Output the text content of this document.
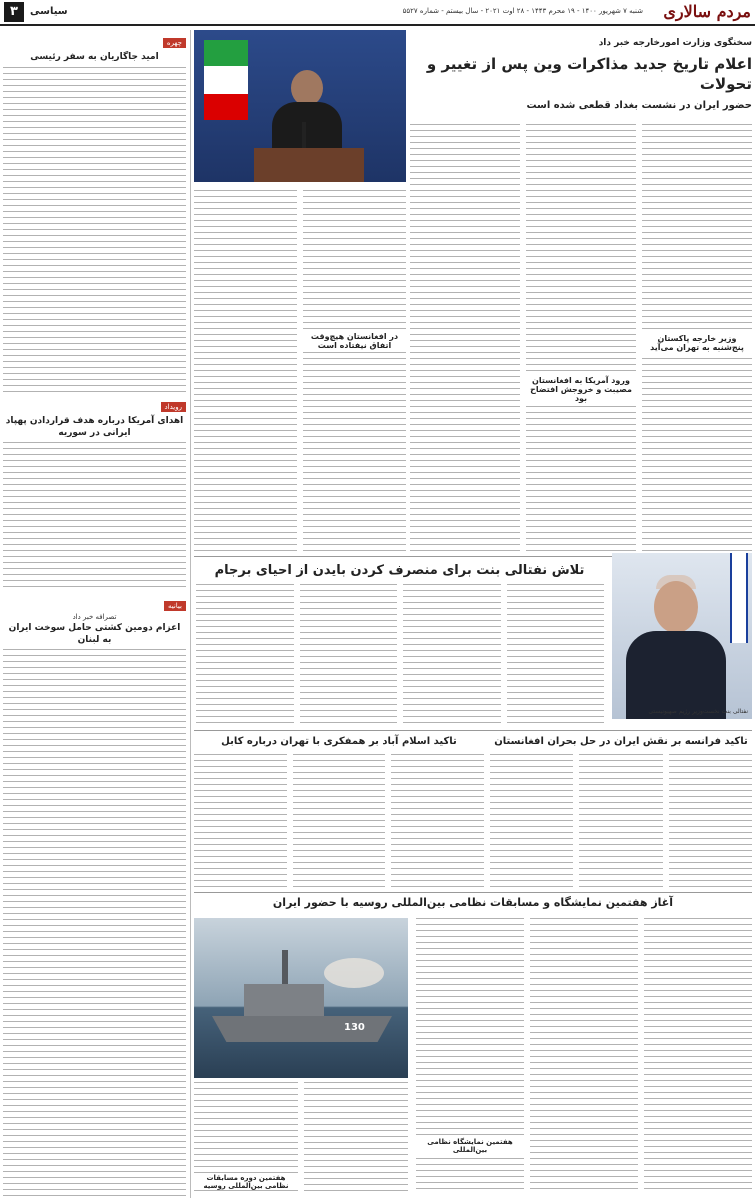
مردم سالاری
شنبه ۷ شهریور ۱۴۰۰ - ۱۹ محرم ۱۴۴۳ - ۲۸ اوت ۲۰۲۱ - سال بیستم - شماره ۵۵۲۷
۳	سیاسی
چهره
امید جاگاریان به سفر رئیسی
رویداد
اهدای آمریکا درباره هدف قراردادن پهپاد ایرانی در سوریه
بیانیه
تصرافه خبر داد
اعزام دومین کشتی حامل سوخت ایران به لبنان
سخنگوی وزارت امورخارجه خبر داد
اعلام تاریخ جدید مذاکرات وین پس از تغییر و تحولات
حضور ایران در نشست بغداد قطعی شده است
وزیر خارجه پاکستان پنج‌شنبه به تهران می‌آید
ورود آمریکا به افغانستان مصیبت و خروجش افتضاح بود
در افغانستان هیچ‌وقت اتفاق نیفتاده است
نفتالی بنت نخست‌وزیر رژیم صهیونیستی
تلاش نفتالی بنت برای منصرف کردن بایدن از احیای برجام
تاکید اسلام آباد بر همفکری با تهران درباره کابل	تاکید فرانسه بر نقش ایران در حل بحران افغانستان
آغاز هفتمین نمایشگاه و مسابقات نظامی بین‌المللی روسیه با حضور ایران
130
هفتمین نمایشگاه نظامی بین‌المللی
هفتمین دوره مسابقات نظامی بین‌المللی روسیه
